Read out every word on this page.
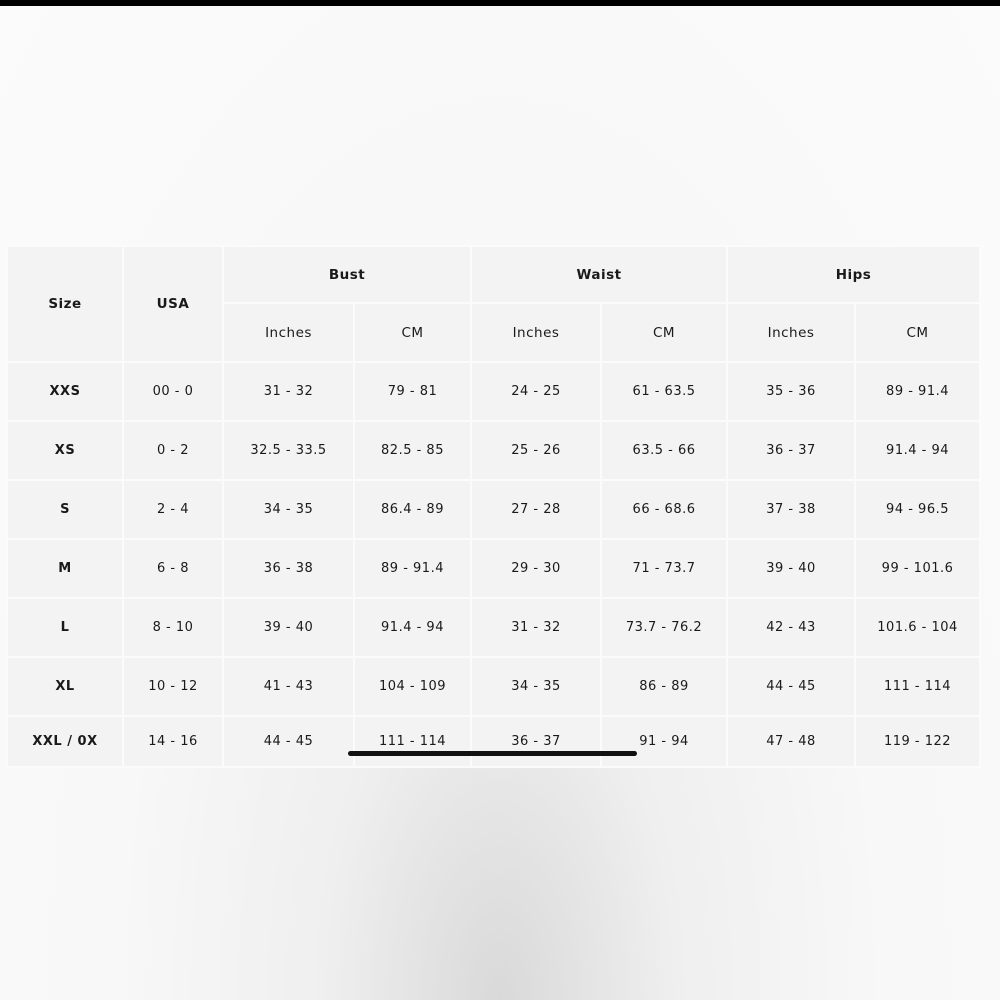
Size	USA	Bust		Waist		Hips	
		Inches	CM	Inches	CM	Inches	CM
XXS	00 - 0	31 - 32	79 - 81	24 - 25	61 - 63.5	35 - 36	89 - 91.4
XS	0 - 2	32.5 - 33.5	82.5 - 85	25 - 26	63.5 - 66	36 - 37	91.4 - 94
S	2 - 4	34 - 35	86.4 - 89	27 - 28	66 - 68.6	37 - 38	94 - 96.5
M	6 - 8	36 - 38	89 - 91.4	29 - 30	71 - 73.7	39 - 40	99 - 101.6
L	8 - 10	39 - 40	91.4 - 94	31 - 32	73.7 - 76.2	42 - 43	101.6 - 104
XL	10 - 12	41 - 43	104 - 109	34 - 35	86 - 89	44 - 45	111 - 114
XXL / 0X	14 - 16	44 - 45	111 - 114	36 - 37	91 - 94	47 - 48	119 - 122
